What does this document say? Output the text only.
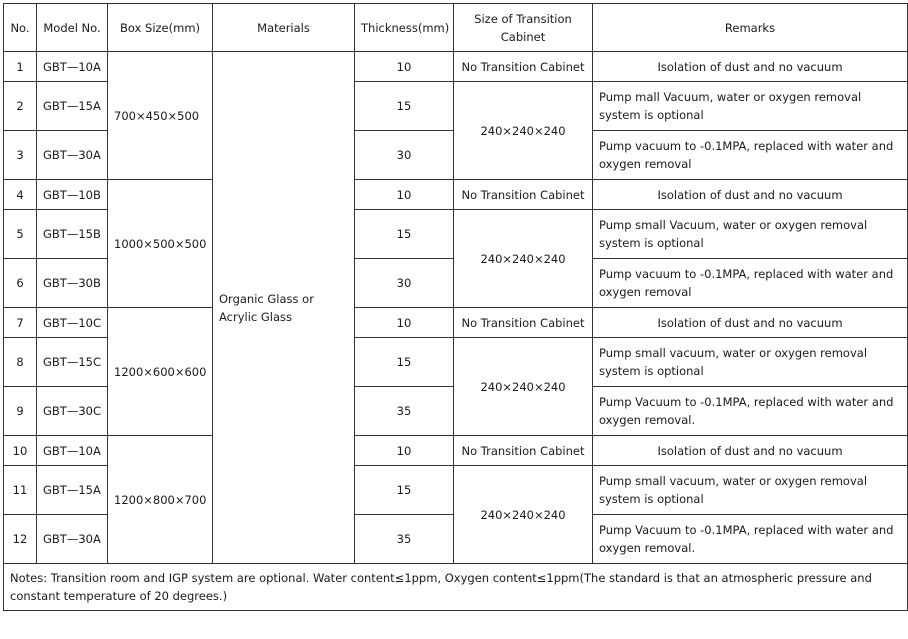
No.	Model No.	Box Size(mm)	Materials	Thickness(mm)	Size of Transition Cabinet	Remarks
1	GBT—10A	700×450×500	Organic Glass or Acrylic Glass	10	No Transition Cabinet	Isolation of dust and no vacuum
2	GBT—15A			15	240×240×240	Pump mall Vacuum, water or oxygen removal system is optional
3	GBT—30A			30		Pump vacuum to -0.1MPA, replaced with water and oxygen removal
4	GBT—10B	1000×500×500		10	No Transition Cabinet	Isolation of dust and no vacuum
5	GBT—15B			15	240×240×240	Pump small Vacuum, water or oxygen removal system is optional
6	GBT—30B			30		Pump vacuum to -0.1MPA, replaced with water and oxygen removal
7	GBT—10C	1200×600×600		10	No Transition Cabinet	Isolation of dust and no vacuum
8	GBT—15C			15	240×240×240	Pump small vacuum, water or oxygen removal system is optional
9	GBT—30C			35		Pump Vacuum to -0.1MPA, replaced with water and oxygen removal.
10	GBT—10A	1200×800×700		10	No Transition Cabinet	Isolation of dust and no vacuum
11	GBT—15A			15	240×240×240	Pump small vacuum, water or oxygen removal system is optional
12	GBT—30A			35		Pump Vacuum to -0.1MPA, replaced with water and oxygen removal.
Notes: Transition room and IGP system are optional. Water content≤1ppm, Oxygen content≤1ppm(The standard is that an atmospheric pressure and constant temperature of 20 degrees.)						
